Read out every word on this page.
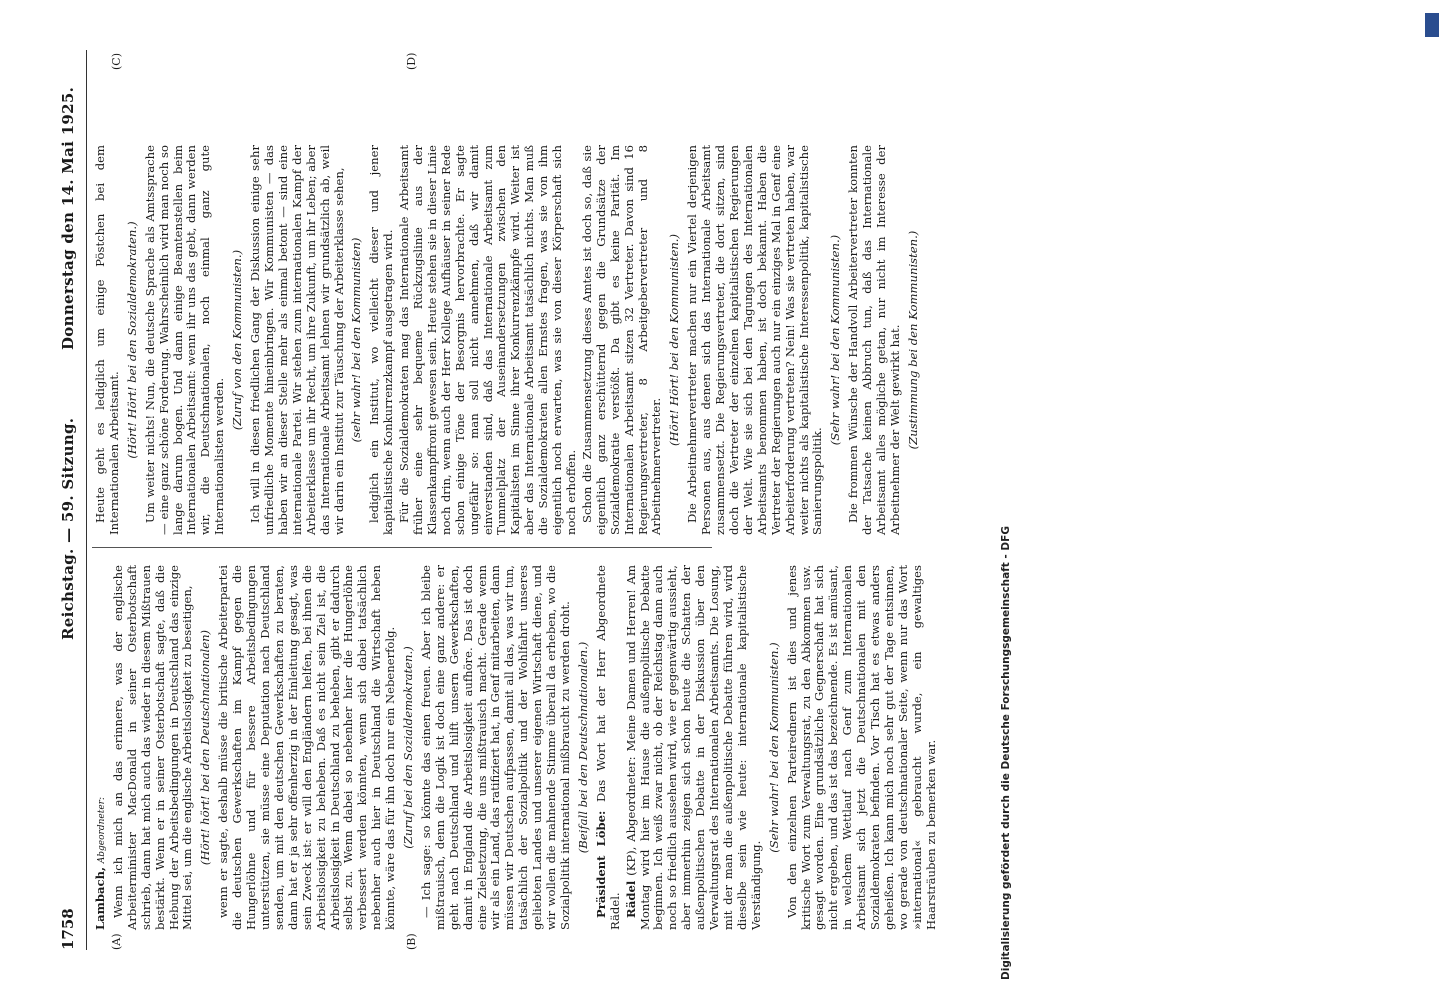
1758
Reichstag. — 59. Sitzung.
Donnerstag den 14. Mai 1925.
(A)	(B)
(C)	(D)

Lambach, Abgeordneter: Wenn ich mich an das erinnere, was der englische Arbeiterminister MacDonald in seiner Osterbotschaft schrieb, dann hat mich auch das wieder in diesem Mißtrauen bestärkt. Wenn er in seiner Osterbotschaft sagte, daß die Hebung der Arbeitsbedingungen in Deutschland das einzige Mittel sei, um die englische Arbeitslosigkeit zu beseitigen, (Hört! hört! bei den Deutschnationalen) wenn er sagte, deshalb müsse die britische Arbeiterpartei die deutschen Gewerkschaften im Kampf gegen die Hungerlöhne und für bessere Arbeitsbedingungen unterstützen, sie müsse eine Deputation nach Deutschland senden, um mit den deutschen Gewerkschaften zu beraten, dann hat er ja sehr offenherzig in der Einleitung gesagt, was sein Zweck ist: er will den Engländern helfen, bei ihnen die Arbeitslosigkeit zu beheben. Daß es nicht sein Ziel ist, die Arbeitslosigkeit in Deutschland zu beheben, gibt er dadurch selbst zu. Wenn dabei so nebenher hier die Hungerlöhne verbessert werden könnten, wenn sich dabei tatsächlich nebenher auch hier in Deutschland die Wirtschaft heben könnte, wäre das für ihn doch nur ein Nebenerfolg. (Zuruf bei den Sozialdemokraten.) — Ich sage: so könnte das einen freuen. Aber ich bleibe mißtrauisch, denn die Logik ist doch eine ganz andere: er geht nach Deutschland und hilft unsern Gewerkschaften, damit in England die Arbeitslosigkeit aufhöre. Das ist doch eine Zielsetzung, die uns mißtrauisch macht. Gerade wenn wir als ein Land, das ratifiziert hat, in Genf mitarbeiten, dann müssen wir Deutschen aufpassen, damit all das, was wir tun, tatsächlich der Sozialpolitik und der Wohlfahrt unseres geliebten Landes und unserer eigenen Wirtschaft diene, und wir wollen die mahnende Stimme überall da erheben, wo die Sozialpolitik international mißbraucht zu werden droht. (Beifall bei den Deutschnationalen.)

Präsident Löbe: Das Wort hat der Herr Abgeordnete Rädel. Rädel (KP), Abgeordneter: Meine Damen und Herren! Am Montag wird hier im Hause die außenpolitische Debatte beginnen. Ich weiß zwar nicht, ob der Reichstag dann auch noch so friedlich aussehen wird, wie er gegenwärtig aussieht, aber immerhin zeigen sich schon heute die Schatten der außenpolitischen Debatte in der Diskussion über den Verwaltungsrat des Internationalen Arbeitsamts. Die Losung, mit der man die außenpolitische Debatte führen wird, wird dieselbe sein wie heute: internationale kapitalistische Verständigung.

(Sehr wahr! bei den Kommunisten.) Von den einzelnen Parteirednern ist dies und jenes kritische Wort zum Verwaltungsrat, zu den Abkommen usw. gesagt worden. Eine grundsätzliche Gegnerschaft hat sich nicht ergeben, und das ist das bezeichnende. Es ist amüsant, in welchem Wettlauf nach Genf zum Internationalen Arbeitsamt sich jetzt die Deutschnationalen mit den Sozialdemokraten befinden. Vor Tisch hat es etwas anders geheißen. Ich kann mich noch sehr gut der Tage entsinnen, wo gerade von deutschnationaler Seite, wenn nur das Wort »international« gebraucht wurde, ein gewaltiges Haarsträuben zu bemerken war.

Heute geht es lediglich um einige Pöstchen bei dem Internationalen Arbeitsamt. (Hört! Hört! bei den Sozialdemokraten.) Um weiter nichts! Nun, die deutsche Sprache als Amtssprache — eine ganz schöne Forderung. Wahrscheinlich wird man noch so lange darum bogen. Und dann einige Beamtenstellen beim Internationalen Arbeitsamt: wenn ihr uns das gebt, dann werden wir, die Deutschnationalen, noch einmal ganz gute Internationalisten werden.

(Zuruf von den Kommunisten.) Ich will in diesen friedlichen Gang der Diskussion einige sehr unfriedliche Momente hineinbringen. Wir Kommunisten — das haben wir an dieser Stelle mehr als einmal betont — sind eine internationale Partei. Wir stehen zum internationalen Kampf der Arbeiterklasse um ihr Recht, um ihre Zukunft, um ihr Leben; aber das Internationale Arbeitsamt lehnen wir grundsätzlich ab, weil wir darin ein Institut zur Täuschung der Arbeiterklasse sehen, (sehr wahr! bei den Kommunisten) lediglich ein Institut, wo vielleicht dieser und jener kapitalistische Konkurrenzkampf ausgetragen wird. Für die Sozialdemokraten mag das Internationale Arbeitsamt früher eine sehr bequeme Rückzugslinie aus der Klassenkampffront gewesen sein. Heute stehen sie in dieser Linie noch drin, wenn auch der Herr Kollege Aufhäuser in seiner Rede schon einige Töne der Besorgnis hervorbrachte. Er sagte ungefähr so: man soll nicht annehmen, daß wir damit einverstanden sind, daß das Internationale Arbeitsamt zum Tummelplatz der Auseinandersetzungen zwischen den Kapitalisten im Sinne ihrer Konkurrenzkämpfe wird. Weiter ist aber das Internationale Arbeitsamt tatsächlich nichts. Man muß die Sozialdemokraten allen Ernstes fragen, was sie von ihm eigentlich noch erwarten, was sie von dieser Körperschaft sich noch erhoffen. Schon die Zusammensetzung dieses Amtes ist doch so, daß sie eigentlich ganz erschütternd gegen die Grundsätze der Sozialdemokratie verstößt. Da gibt es keine Parität. Im Internationalen Arbeitsamt sitzen 32 Vertreter. Davon sind 16 Regierungsvertreter, 8 Arbeitgebervertreter und 8 Arbeitnehmervertreter.

(Hört! Hört! bei den Kommunisten.) Die Arbeitnehmervertreter machen nur ein Viertel derjenigen Personen aus, aus denen sich das Internationale Arbeitsamt zusammensetzt. Die Regierungsvertreter, die dort sitzen, sind doch die Vertreter der einzelnen kapitalistischen Regierungen der Welt. Wie sie sich bei den Tagungen des Internationalen Arbeitsamts benommen haben, ist doch bekannt. Haben die Vertreter der Regierungen auch nur ein einziges Mal in Genf eine Arbeiterforderung vertreten? Nein! Was sie vertreten haben, war weiter nichts als kapitalistische Interessenpolitik, kapitalistische Sanierungspolitik.

(Sehr wahr! bei den Kommunisten.) Die frommen Wünsche der Handvoll Arbeitervertreter konnten der Tatsache keinen Abbruch tun, daß das Internationale Arbeitsamt alles mögliche getan, nur nicht im Interesse der Arbeitnehmer der Welt gewirkt hat. (Zustimmung bei den Kommunisten.)

Digitalisierung gefördert durch die Deutsche Forschungsgemeinschaft - DFG
